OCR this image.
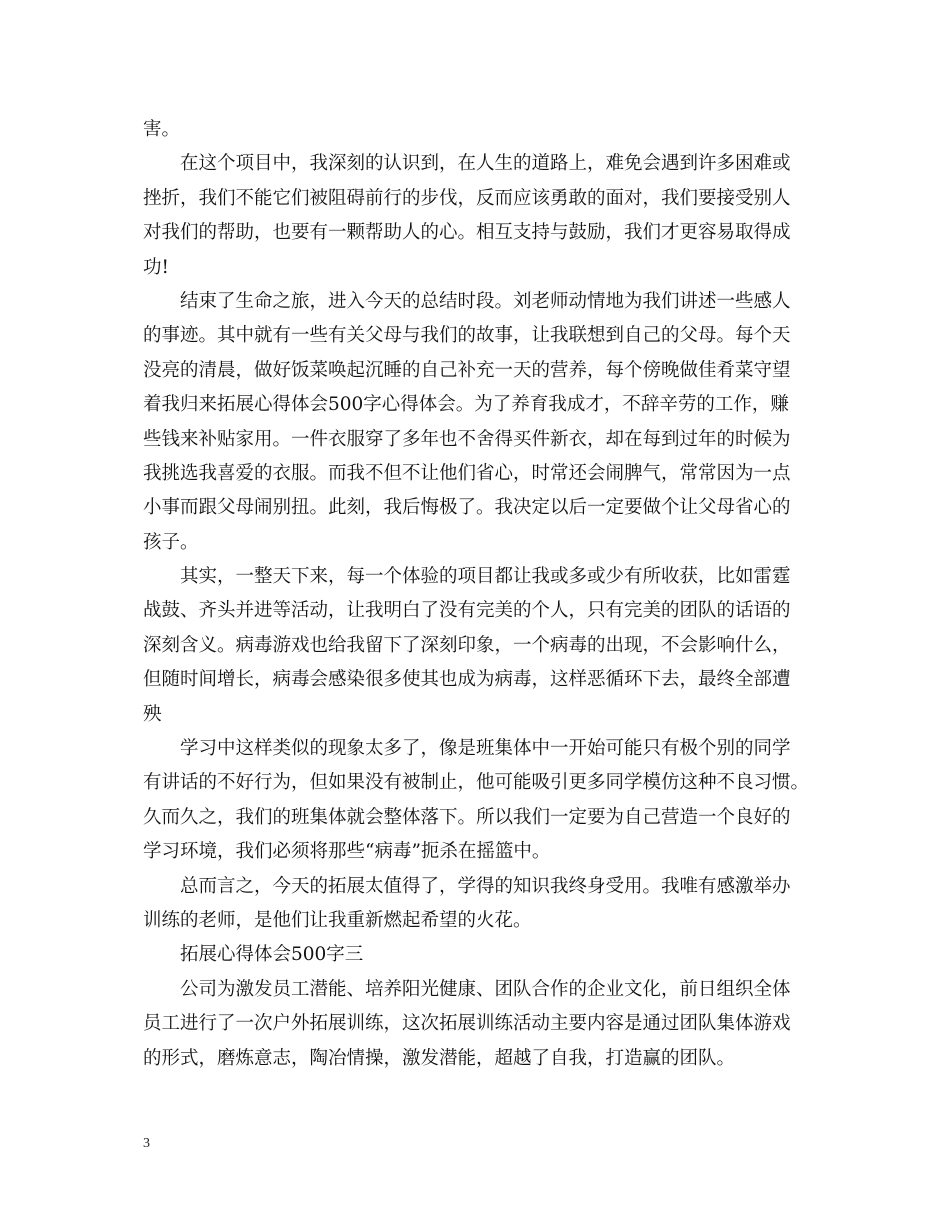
害。
在这个项目中，我深刻的认识到，在人生的道路上，难免会遇到许多困难或
挫折，我们不能它们被阻碍前行的步伐，反而应该勇敢的面对，我们要接受别人
对我们的帮助，也要有一颗帮助人的心。相互支持与鼓励，我们才更容易取得成
功!
结束了生命之旅，进入今天的总结时段。刘老师动情地为我们讲述一些感人
的事迹。其中就有一些有关父母与我们的故事，让我联想到自己的父母。每个天
没亮的清晨，做好饭菜唤起沉睡的自己补充一天的营养，每个傍晚做佳肴菜守望
着我归来拓展心得体会500字心得体会。为了养育我成才，不辞辛劳的工作，赚
些钱来补贴家用。一件衣服穿了多年也不舍得买件新衣，却在每到过年的时候为
我挑选我喜爱的衣服。而我不但不让他们省心，时常还会闹脾气，常常因为一点
小事而跟父母闹别扭。此刻，我后悔极了。我决定以后一定要做个让父母省心的
孩子。
其实，一整天下来，每一个体验的项目都让我或多或少有所收获，比如雷霆
战鼓、齐头并进等活动，让我明白了没有完美的个人，只有完美的团队的话语的
深刻含义。病毒游戏也给我留下了深刻印象，一个病毒的出现，不会影响什么，
但随时间增长，病毒会感染很多使其也成为病毒，这样恶循环下去，最终全部遭
殃
学习中这样类似的现象太多了，像是班集体中一开始可能只有极个别的同学
有讲话的不好行为，但如果没有被制止，他可能吸引更多同学模仿这种不良习惯。
久而久之，我们的班集体就会整体落下。所以我们一定要为自己营造一个良好的
学习环境，我们必须将那些“病毒”扼杀在摇篮中。
总而言之，今天的拓展太值得了，学得的知识我终身受用。我唯有感激举办
训练的老师，是他们让我重新燃起希望的火花。
拓展心得体会500字三
公司为激发员工潜能、培养阳光健康、团队合作的企业文化，前日组织全体
员工进行了一次户外拓展训练，这次拓展训练活动主要内容是通过团队集体游戏
的形式，磨炼意志，陶冶情操，激发潜能，超越了自我，打造赢的团队。
3
